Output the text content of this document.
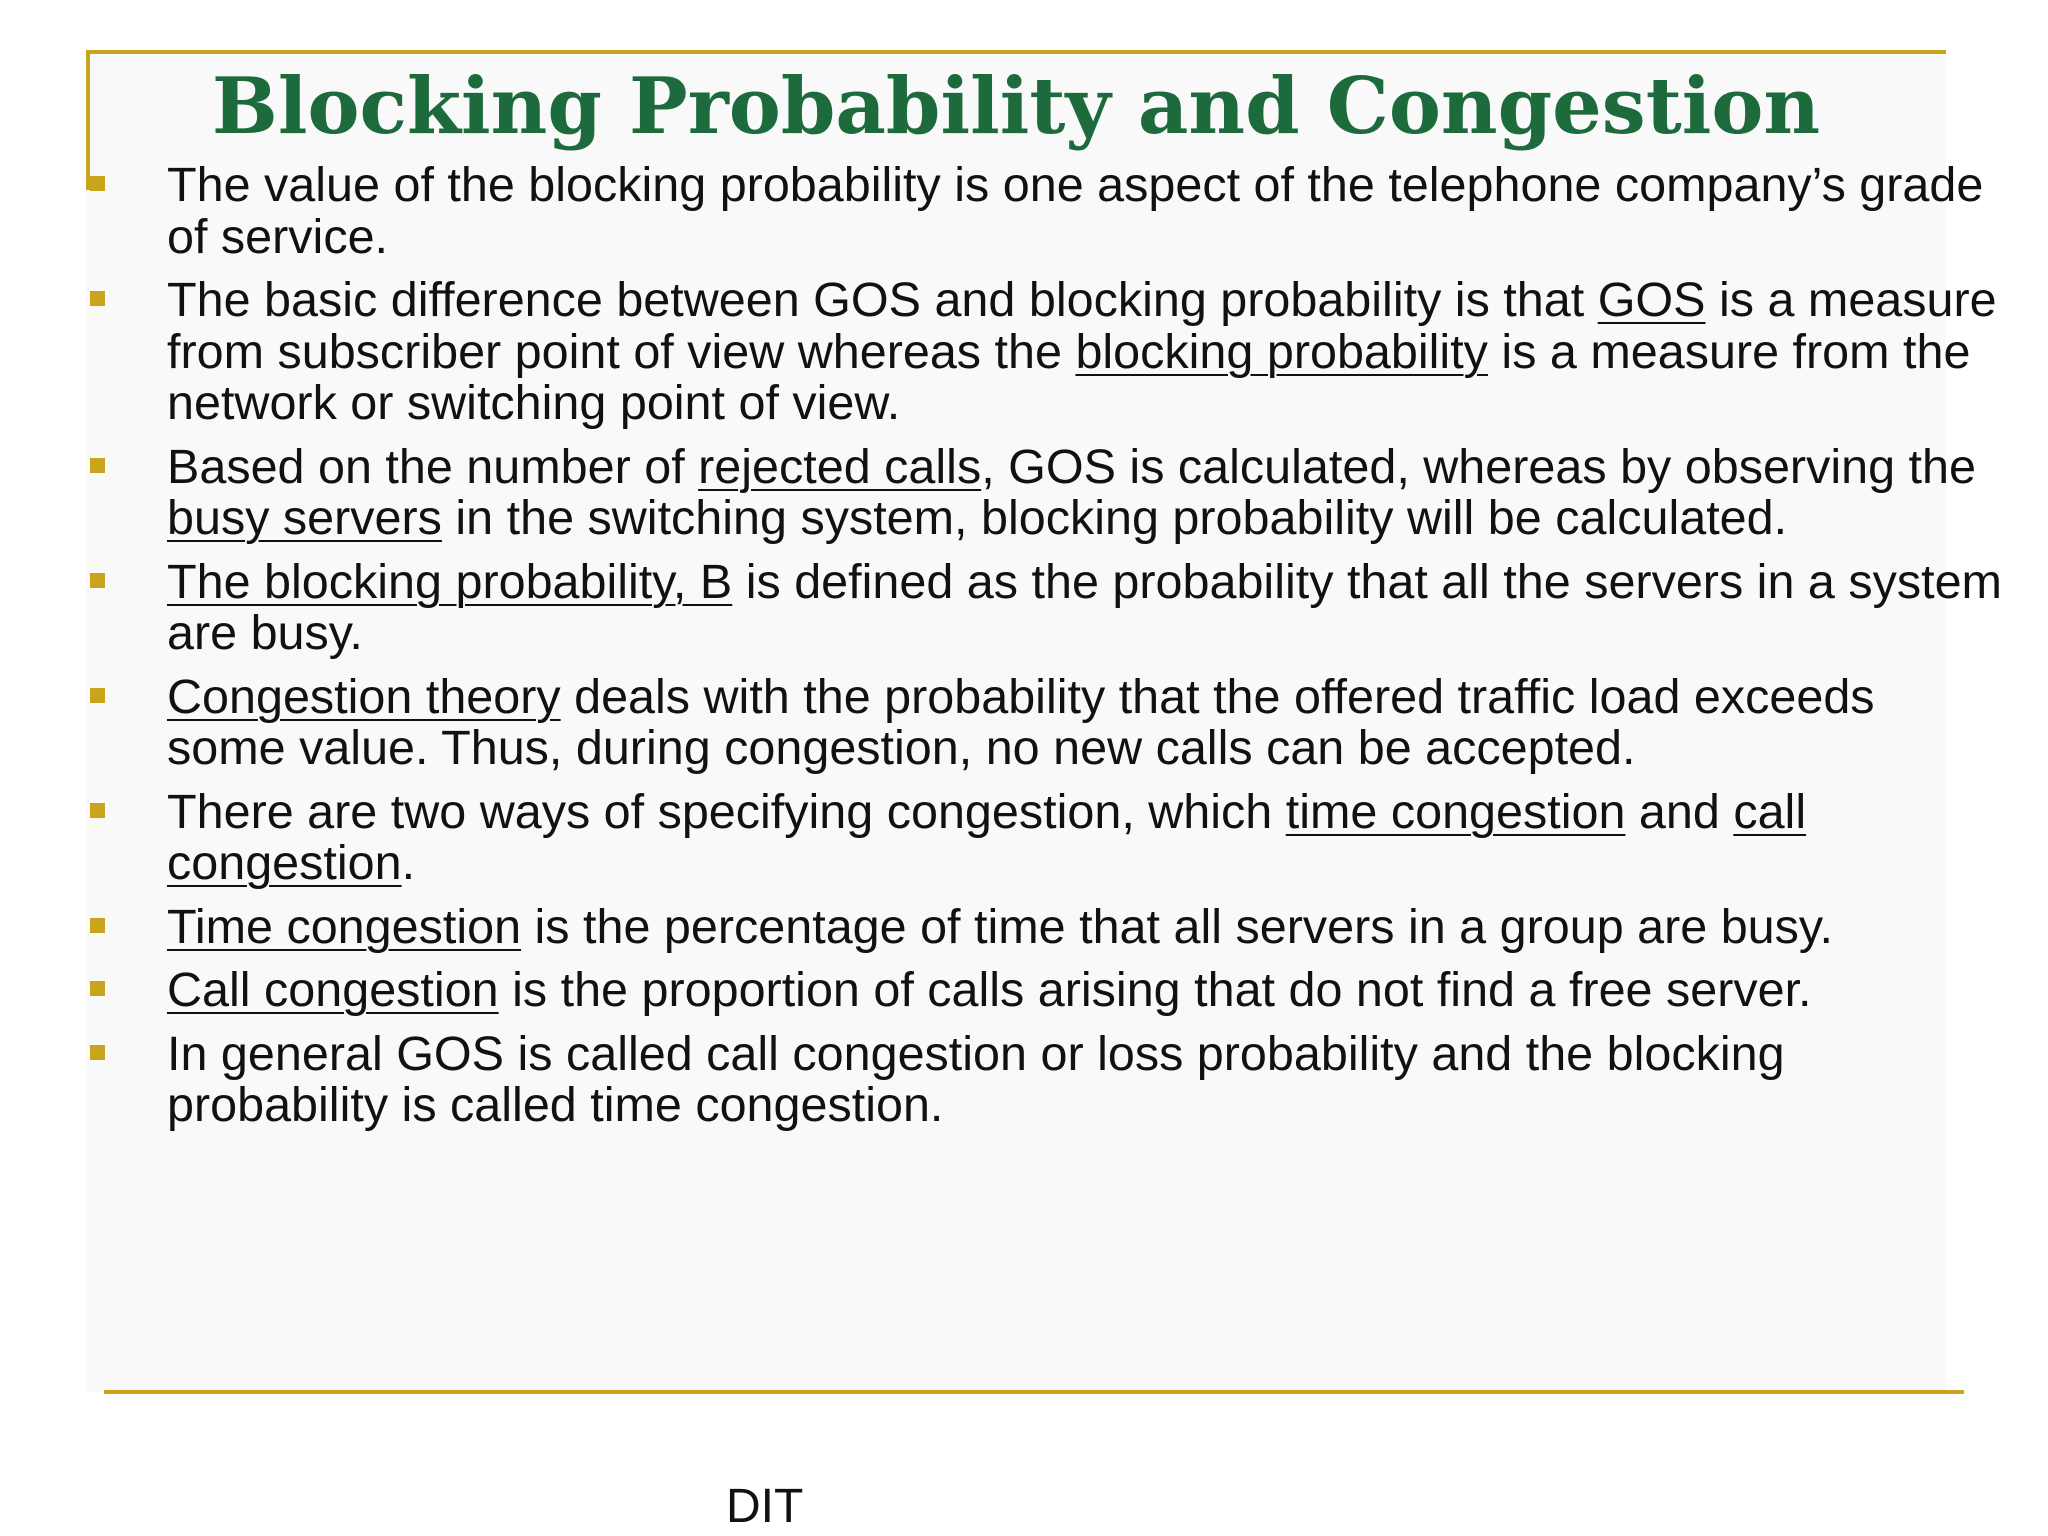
Blocking Probability and Congestion
The value of the blocking probability is one aspect of the telephone company’s grade of service.
The basic difference between GOS and blocking probability is that GOS is a measure from subscriber point of view whereas the blocking probability is a measure from the network or switching point of view.
Based on the number of rejected calls, GOS is calculated, whereas by observing the busy servers in the switching system, blocking probability will be calculated.
The blocking probability, B is defined as the probability that all the servers in a system are busy.
Congestion theory deals with the probability that the offered traffic load exceeds some value. Thus, during congestion, no new calls can be accepted.
There are two ways of specifying congestion, which time congestion and call congestion.
Time congestion is the percentage of time that all servers in a group are busy.
Call congestion is the proportion of calls arising that do not find a free server.
In general GOS is called call congestion or loss probability and the blocking probability is called time congestion.
DIT
